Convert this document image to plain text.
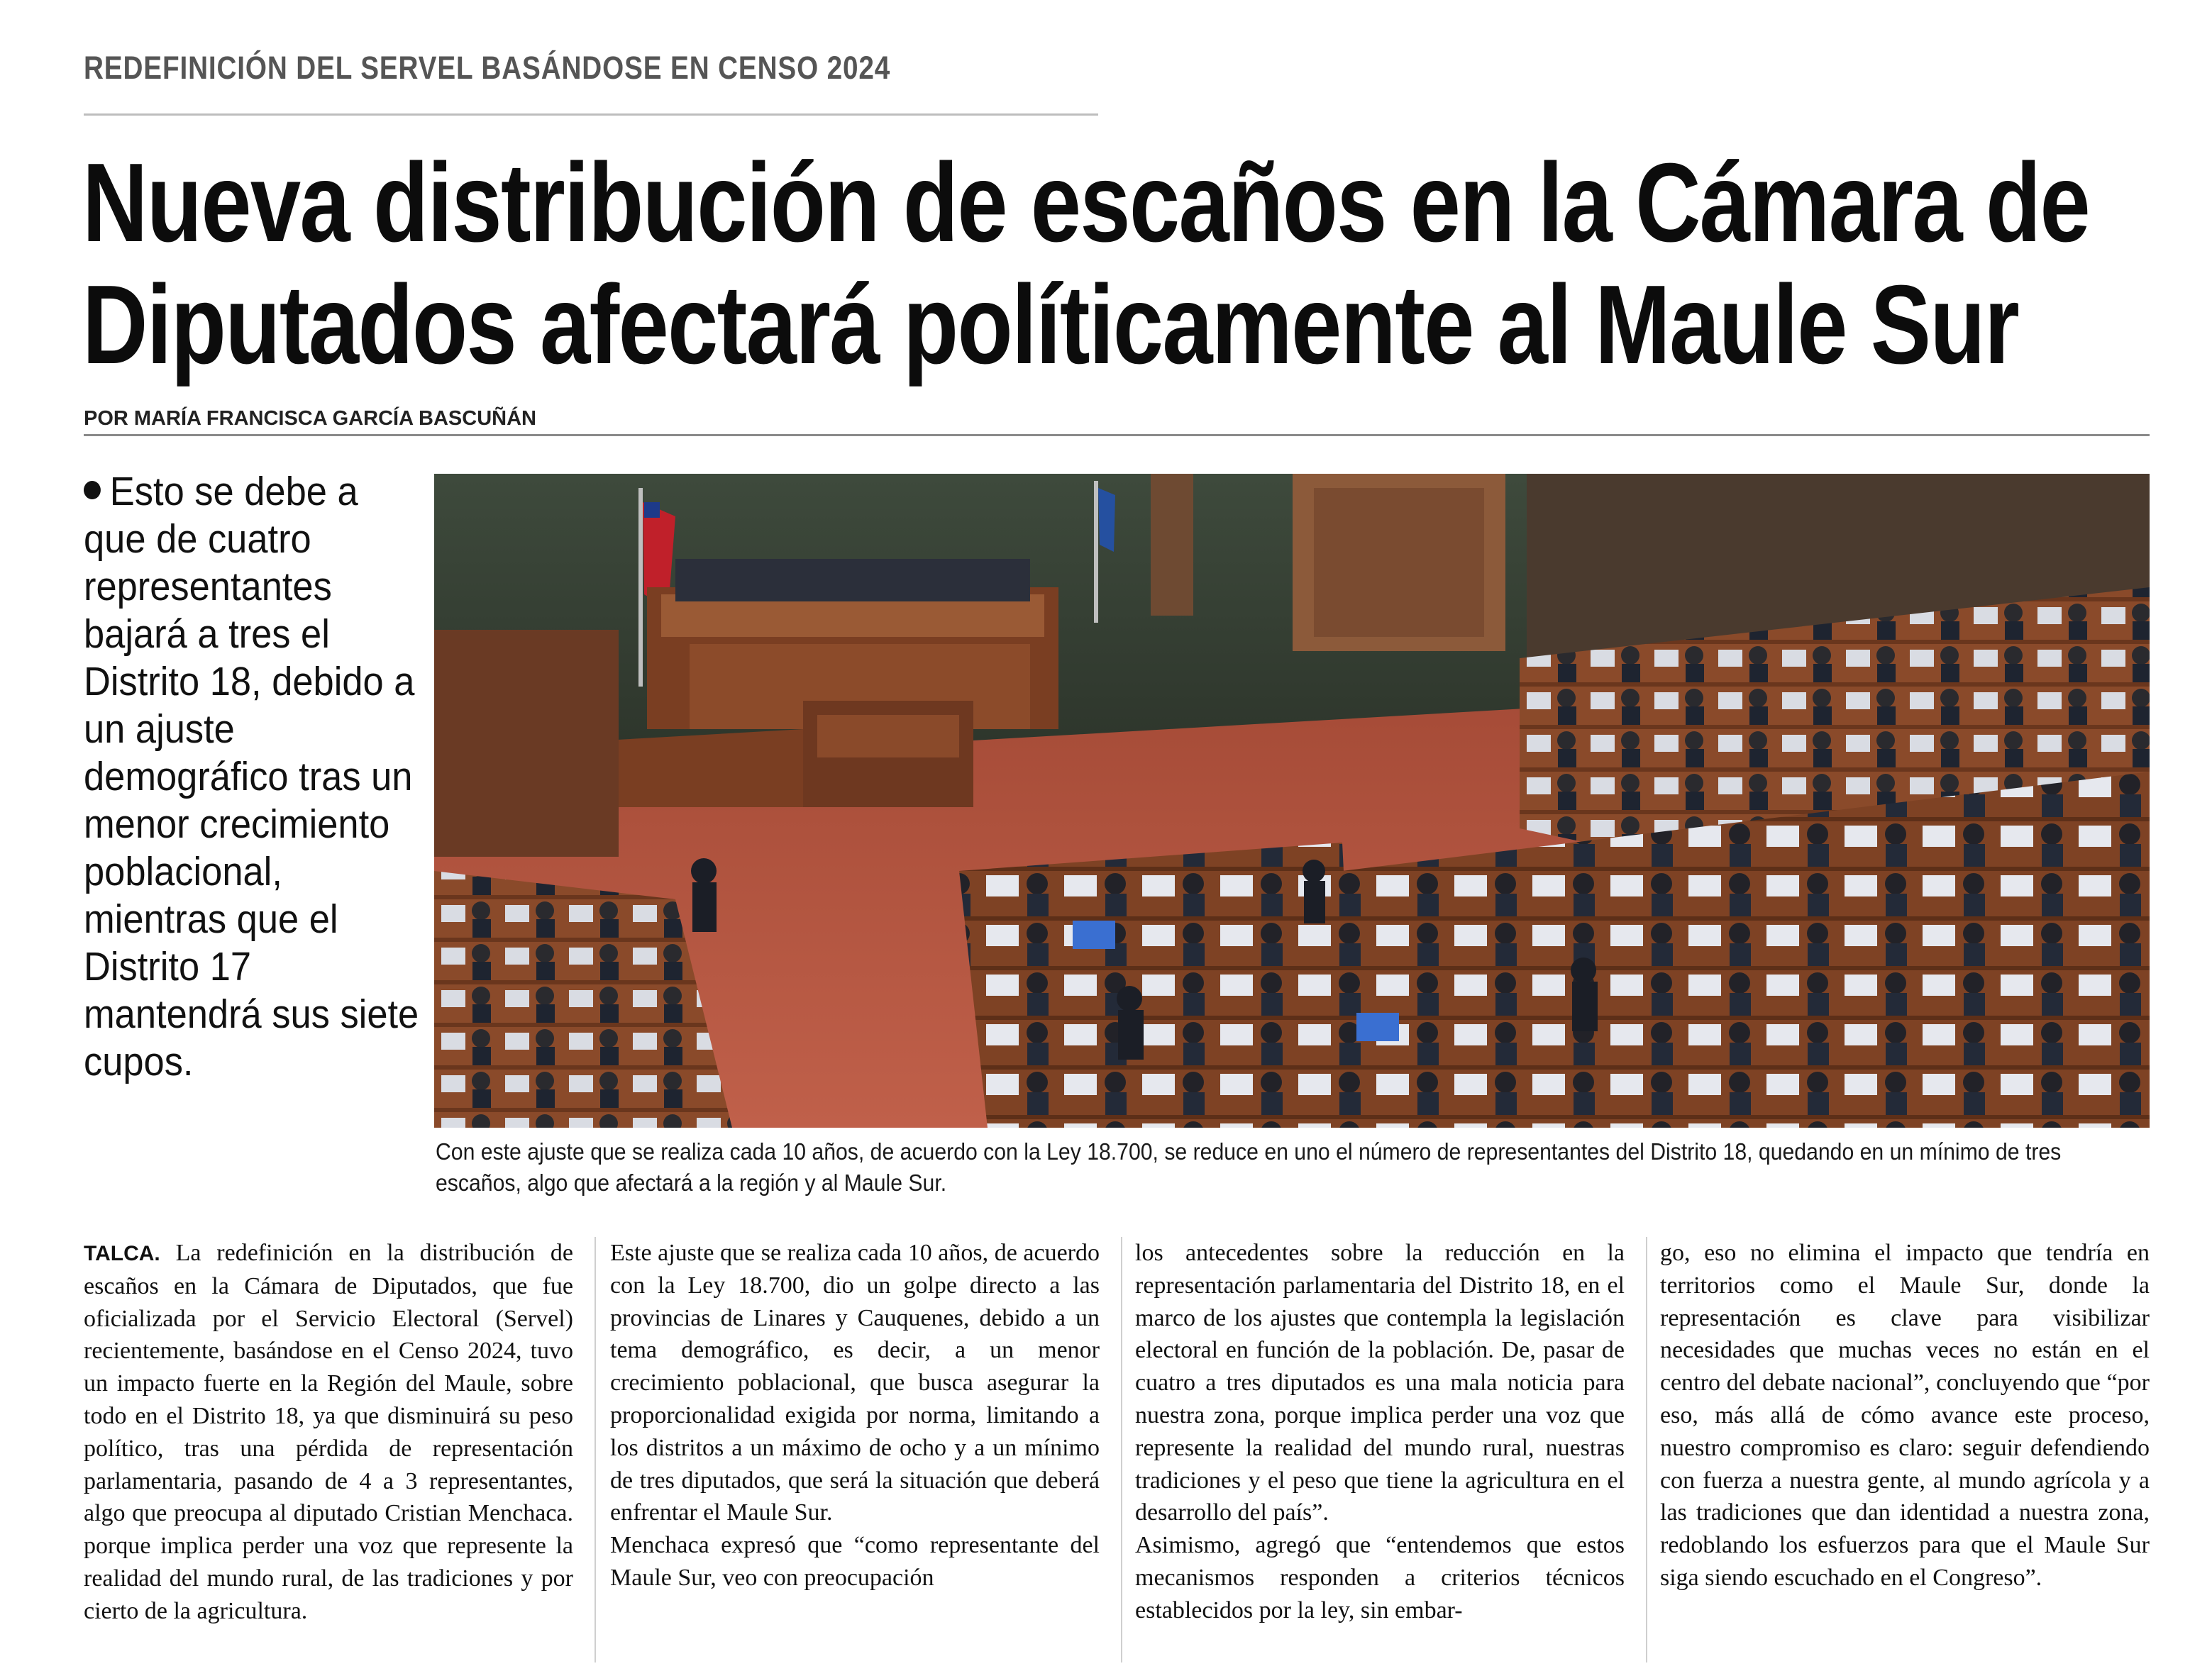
REDEFINICIÓN DEL SERVEL BASÁNDOSE EN CENSO 2024
Nueva distribución de escaños en la Cámara de
Diputados afectará políticamente al Maule Sur
POR MARÍA FRANCISCA GARCÍA BASCUÑÁN
Esto se debe a que de cuatro representantes bajará a tres el Distrito 18, debido a un ajuste demográfico tras un menor crecimiento poblacional, mientras que el Distrito 17 mantendrá sus siete cupos.
Con este ajuste que se realiza cada 10 años, de acuerdo con la Ley 18.700, se reduce en uno el número de representantes del Distrito 18, quedando en un mínimo de tres escaños, algo que afectará a la región y al Maule Sur.

TALCA. La redefinición en la distribución de escaños en la Cámara de Diputados, que fue oficializada por el Servicio Electoral (Servel) recientemente, basándose en el Censo 2024, tuvo un impacto fuerte en la Región del Maule, sobre todo en el Distrito 18, ya que disminuirá su peso político, tras una pérdida de representación parlamentaria, pasando de 4 a 3 representantes, algo que preocupa al diputado Cristian Menchaca. porque implica perder una voz que represente la realidad del mundo rural, de las tradiciones y por cierto de la agricultura.

Este ajuste que se realiza cada 10 años, de acuerdo con la Ley 18.700, dio un golpe directo a las provincias de Linares y Cauquenes, debido a un tema demográfico, es decir, a un menor crecimiento poblacional, que busca asegurar la proporcionalidad exigida por norma, limitando a los distritos a un máximo de ocho y a un mínimo de tres diputados, que será la situación que deberá enfrentar el Maule Sur.

Menchaca expresó que “como representante del Maule Sur, veo con preocupación

los antecedentes sobre la reducción en la representación parlamentaria del Distrito 18, en el marco de los ajustes que contempla la legislación electoral en función de la población. De, pasar de cuatro a tres diputados es una mala noticia para nuestra zona, porque implica perder una voz que represente la realidad del mundo rural, nuestras tradiciones y el peso que tiene la agricultura en el desarrollo del país”.

Asimismo, agregó que “entendemos que estos mecanismos responden a criterios técnicos establecidos por la ley, sin embar-

go, eso no elimina el impacto que tendría en territorios como el Maule Sur, donde la representación es clave para visibilizar necesidades que muchas veces no están en el centro del debate nacional”, concluyendo que “por eso, más allá de cómo avance este proceso, nuestro compromiso es claro: seguir defendiendo con fuerza a nuestra gente, al mundo agrícola y a las tradiciones que dan identidad a nuestra zona, redoblando los esfuerzos para que el Maule Sur siga siendo escuchado en el Congreso”.
